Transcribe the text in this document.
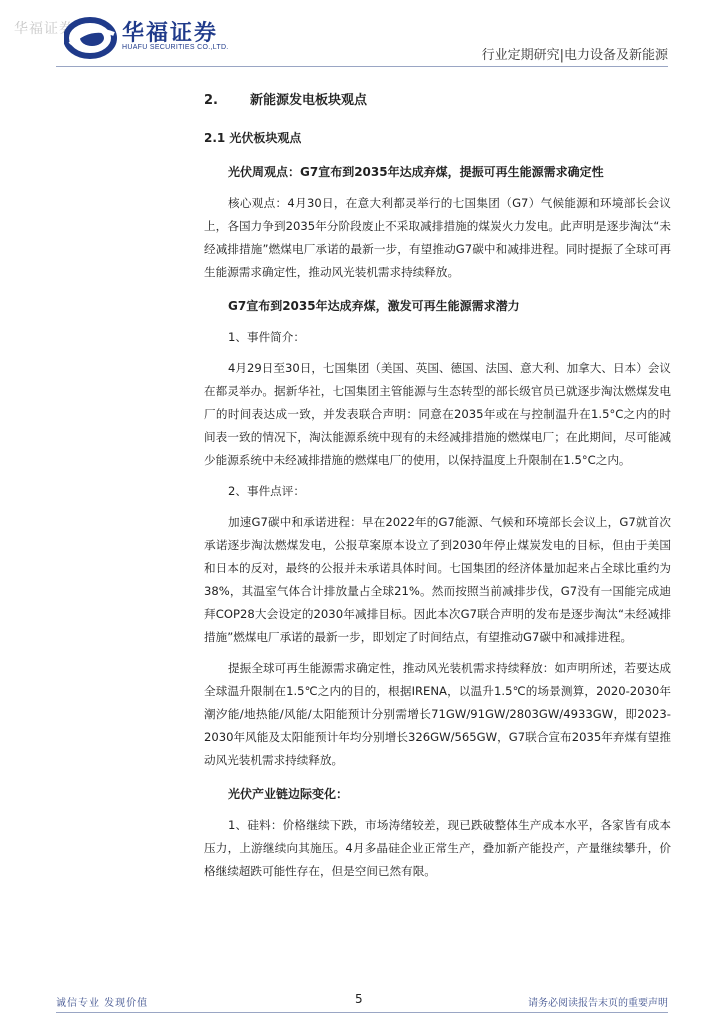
华福证券 华福证券
HUAFU SECURITIES CO.,LTD.
行业定期研究|电力设备及新能源
2. 新能源发电板块观点
2.1 光伏板块观点
光伏周观点：G7宣布到2035年达成弃煤，提振可再生能源需求确定性
核心观点：4月30日，在意大利都灵举行的七国集团（G7）气候能源和环境部长会议上，各国力争到2035年分阶段废止不采取减排措施的煤炭火力发电。此声明是逐步淘汰“未经减排措施”燃煤电厂承诺的最新一步，有望推动G7碳中和减排进程。同时提振了全球可再生能源需求确定性，推动风光装机需求持续释放。
G7宣布到2035年达成弃煤，激发可再生能源需求潜力
1、事件简介：
4月29日至30日，七国集团（美国、英国、德国、法国、意大利、加拿大、日本）会议在都灵举办。据新华社，七国集团主管能源与生态转型的部长级官员已就逐步淘汰燃煤发电厂的时间表达成一致，并发表联合声明：同意在2035年或在与控制温升在1.5°C之内的时间表一致的情况下，淘汰能源系统中现有的未经减排措施的燃煤电厂；在此期间，尽可能减少能源系统中未经减排措施的燃煤电厂的使用，以保持温度上升限制在1.5°C之内。
2、事件点评：
加速G7碳中和承诺进程：早在2022年的G7能源、气候和环境部长会议上，G7就首次承诺逐步淘汰燃煤发电，公报草案原本设立了到2030年停止煤炭发电的目标，但由于美国和日本的反对，最终的公报并未承诺具体时间。七国集团的经济体量加起来占全球比重约为38%，其温室气体合计排放量占全球21%。然而按照当前减排步伐，G7没有一国能完成迪拜COP28大会设定的2030年减排目标。因此本次G7联合声明的发布是逐步淘汰“未经减排措施”燃煤电厂承诺的最新一步，即划定了时间结点，有望推动G7碳中和减排进程。
提振全球可再生能源需求确定性，推动风光装机需求持续释放：如声明所述，若要达成全球温升限制在1.5℃之内的目的，根据IRENA，以温升1.5℃的场景测算，2020-2030年潮汐能/地热能/风能/太阳能预计分别需增长71GW/91GW/2803GW/4933GW，即2023-2030年风能及太阳能预计年均分别增长326GW/565GW，G7联合宣布2035年弃煤有望推动风光装机需求持续释放。
光伏产业链边际变化：
1、硅料：价格继续下跌，市场涛绪较差，现已跌破整体生产成本水平，各家皆有成本压力，上游继续向其施压。4月多晶硅企业正常生产，叠加新产能投产，产量继续攀升，价格继续超跌可能性存在，但是空间已然有限。
诚信专业 发现价值	5	请务必阅读报告末页的重要声明
